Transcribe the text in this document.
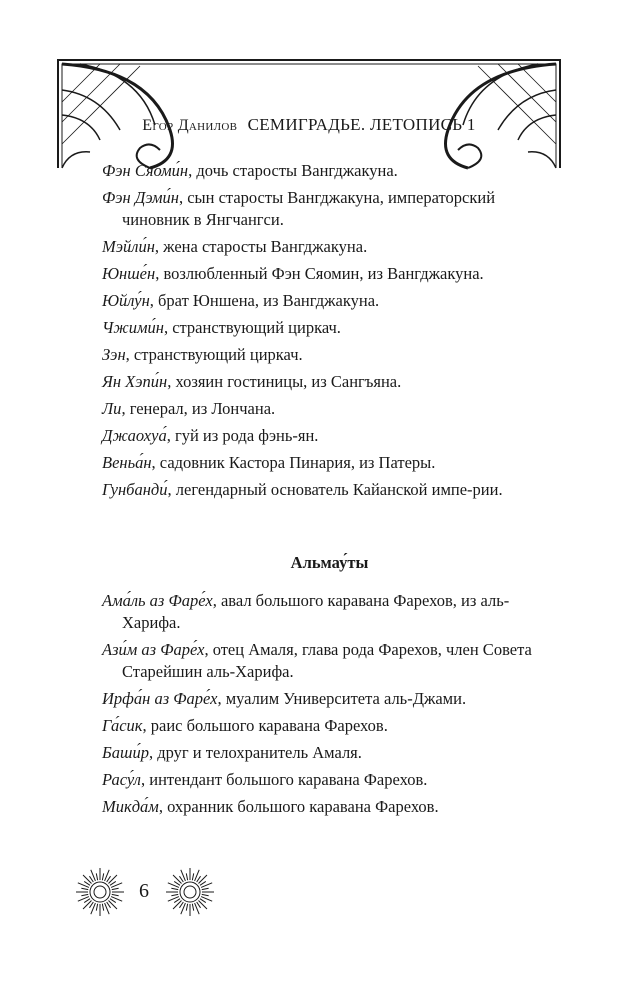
Егор Данилов СЕМИГРАДЬЕ. ЛЕТОПИСЬ 1

Фэн Сяоми́н, дочь старосты Вангджакуна.

Фэн Дэми́н, сын старосты Вангджакуна, императорский чиновник в Янгчангси.

Мэйли́н, жена старосты Вангджакуна.

Юнше́н, возлюбленный Фэн Сяомин, из Вангджакуна.

Юйлу́н, брат Юншена, из Вангджакуна.

Чжими́н, странствующий циркач.

Зэн, странствующий циркач.

Ян Хэпи́н, хозяин гостиницы, из Сангъяна.

Ли, генерал, из Лончана.

Джаохуа́, гуй из рода фэнь-ян.

Веньа́н, садовник Кастора Пинария, из Патеры.

Гунбанди́, легендарный основатель Кайанской импе-рии.

Альмау́ты

Ама́ль аз Фаре́х, авал большого каравана Фарехов, из аль-Харифа.

Ази́м аз Фаре́х, отец Амаля, глава рода Фарехов, член Совета Старейшин аль-Харифа.

Ирфа́н аз Фаре́х, муалим Университета аль-Джами.

Га́сик, раис большого каравана Фарехов.

Баши́р, друг и телохранитель Амаля.

Расу́л, интендант большого каравана Фарехов.

Микда́м, охранник большого каравана Фарехов.

6
